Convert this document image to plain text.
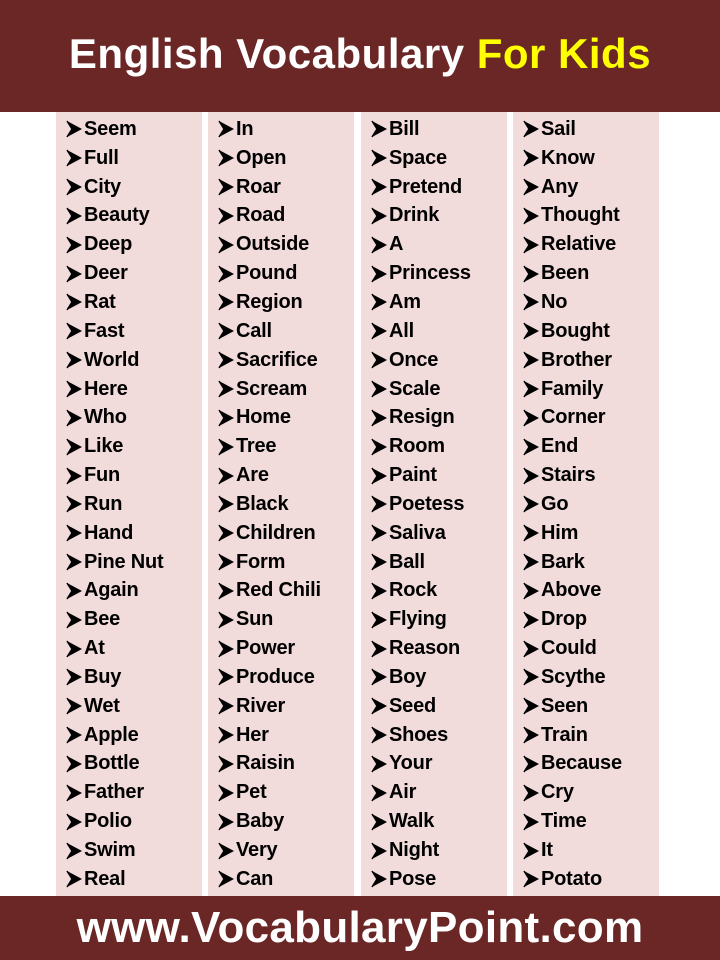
English Vocabulary For Kids
Seem
Full
City
Beauty
Deep
Deer
Rat
Fast
World
Here
Who
Like
Fun
Run
Hand
Pine Nut
Again
Bee
At
Buy
Wet
Apple
Bottle
Father
Polio
Swim
Real
In
Open
Roar
Road
Outside
Pound
Region
Call
Sacrifice
Scream
Home
Tree
Are
Black
Children
Form
Red Chili
Sun
Power
Produce
River
Her
Raisin
Pet
Baby
Very
Can
Bill
Space
Pretend
Drink
A
Princess
Am
All
Once
Scale
Resign
Room
Paint
Poetess
Saliva
Ball
Rock
Flying
Reason
Boy
Seed
Shoes
Your
Air
Walk
Night
Pose
Sail
Know
Any
Thought
Relative
Been
No
Bought
Brother
Family
Corner
End
Stairs
Go
Him
Bark
Above
Drop
Could
Scythe
Seen
Train
Because
Cry
Time
It
Potato
www.VocabularyPoint.com
